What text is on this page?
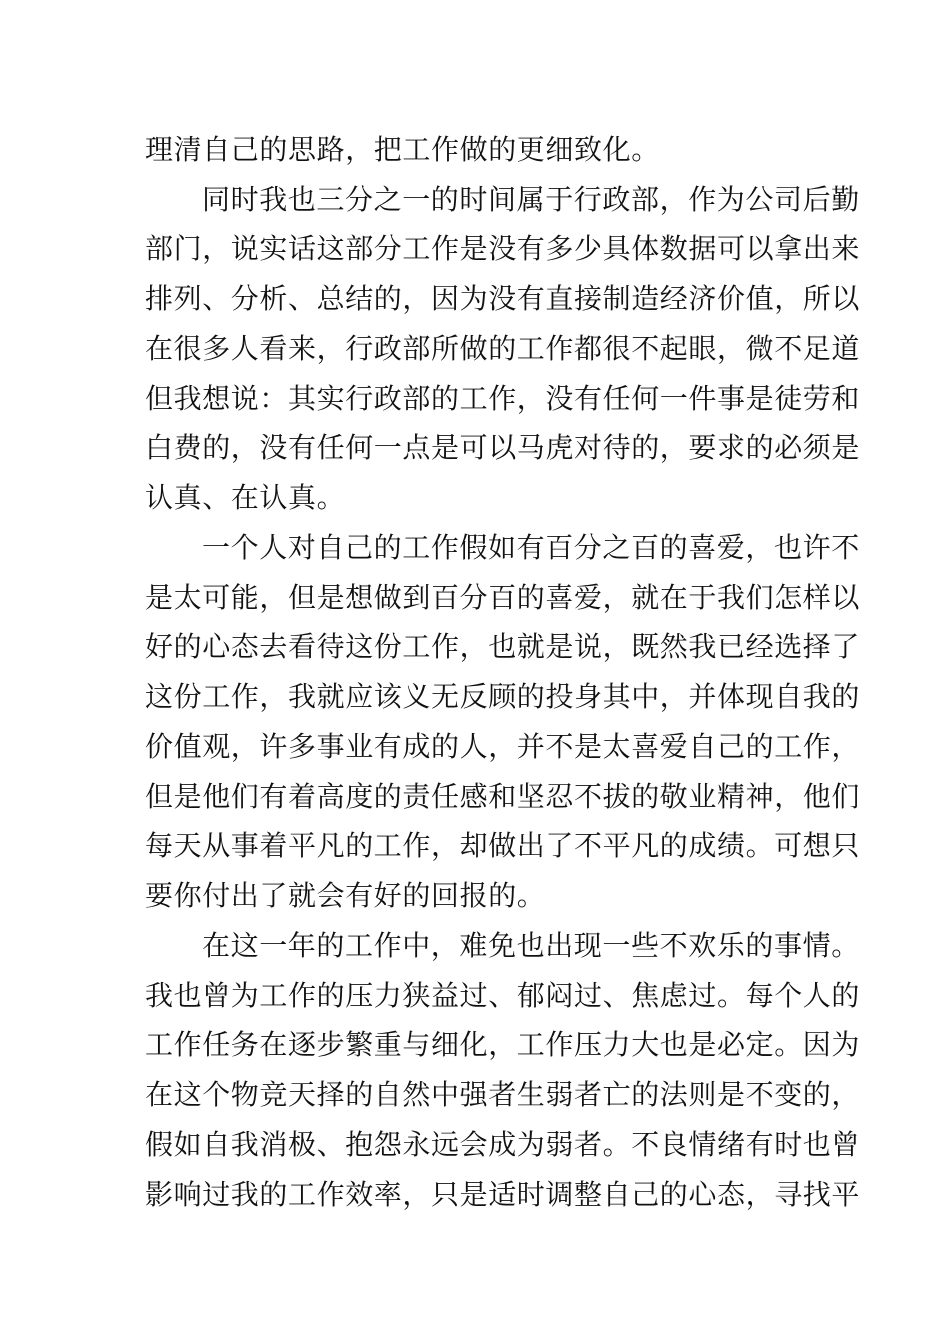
理清自己的思路，把工作做的更细致化。
同时我也三分之一的时间属于行政部，作为公司后勤
部门，说实话这部分工作是没有多少具体数据可以拿出来
排列、分析、总结的，因为没有直接制造经济价值，所以
在很多人看来，行政部所做的工作都很不起眼，微不足道
但我想说：其实行政部的工作，没有任何一件事是徒劳和
白费的，没有任何一点是可以马虎对待的，要求的必须是
认真、在认真。
一个人对自己的工作假如有百分之百的喜爱，也许不
是太可能，但是想做到百分百的喜爱，就在于我们怎样以
好的心态去看待这份工作，也就是说，既然我已经选择了
这份工作，我就应该义无反顾的投身其中，并体现自我的
价值观，许多事业有成的人，并不是太喜爱自己的工作，
但是他们有着高度的责任感和坚忍不拔的敬业精神，他们
每天从事着平凡的工作，却做出了不平凡的成绩。可想只
要你付出了就会有好的回报的。
在这一年的工作中，难免也出现一些不欢乐的事情。
我也曾为工作的压力狭益过、郁闷过、焦虑过。每个人的
工作任务在逐步繁重与细化，工作压力大也是必定。因为
在这个物竞天择的自然中强者生弱者亡的法则是不变的，
假如自我消极、抱怨永远会成为弱者。不良情绪有时也曾
影响过我的工作效率，只是适时调整自己的心态，寻找平
